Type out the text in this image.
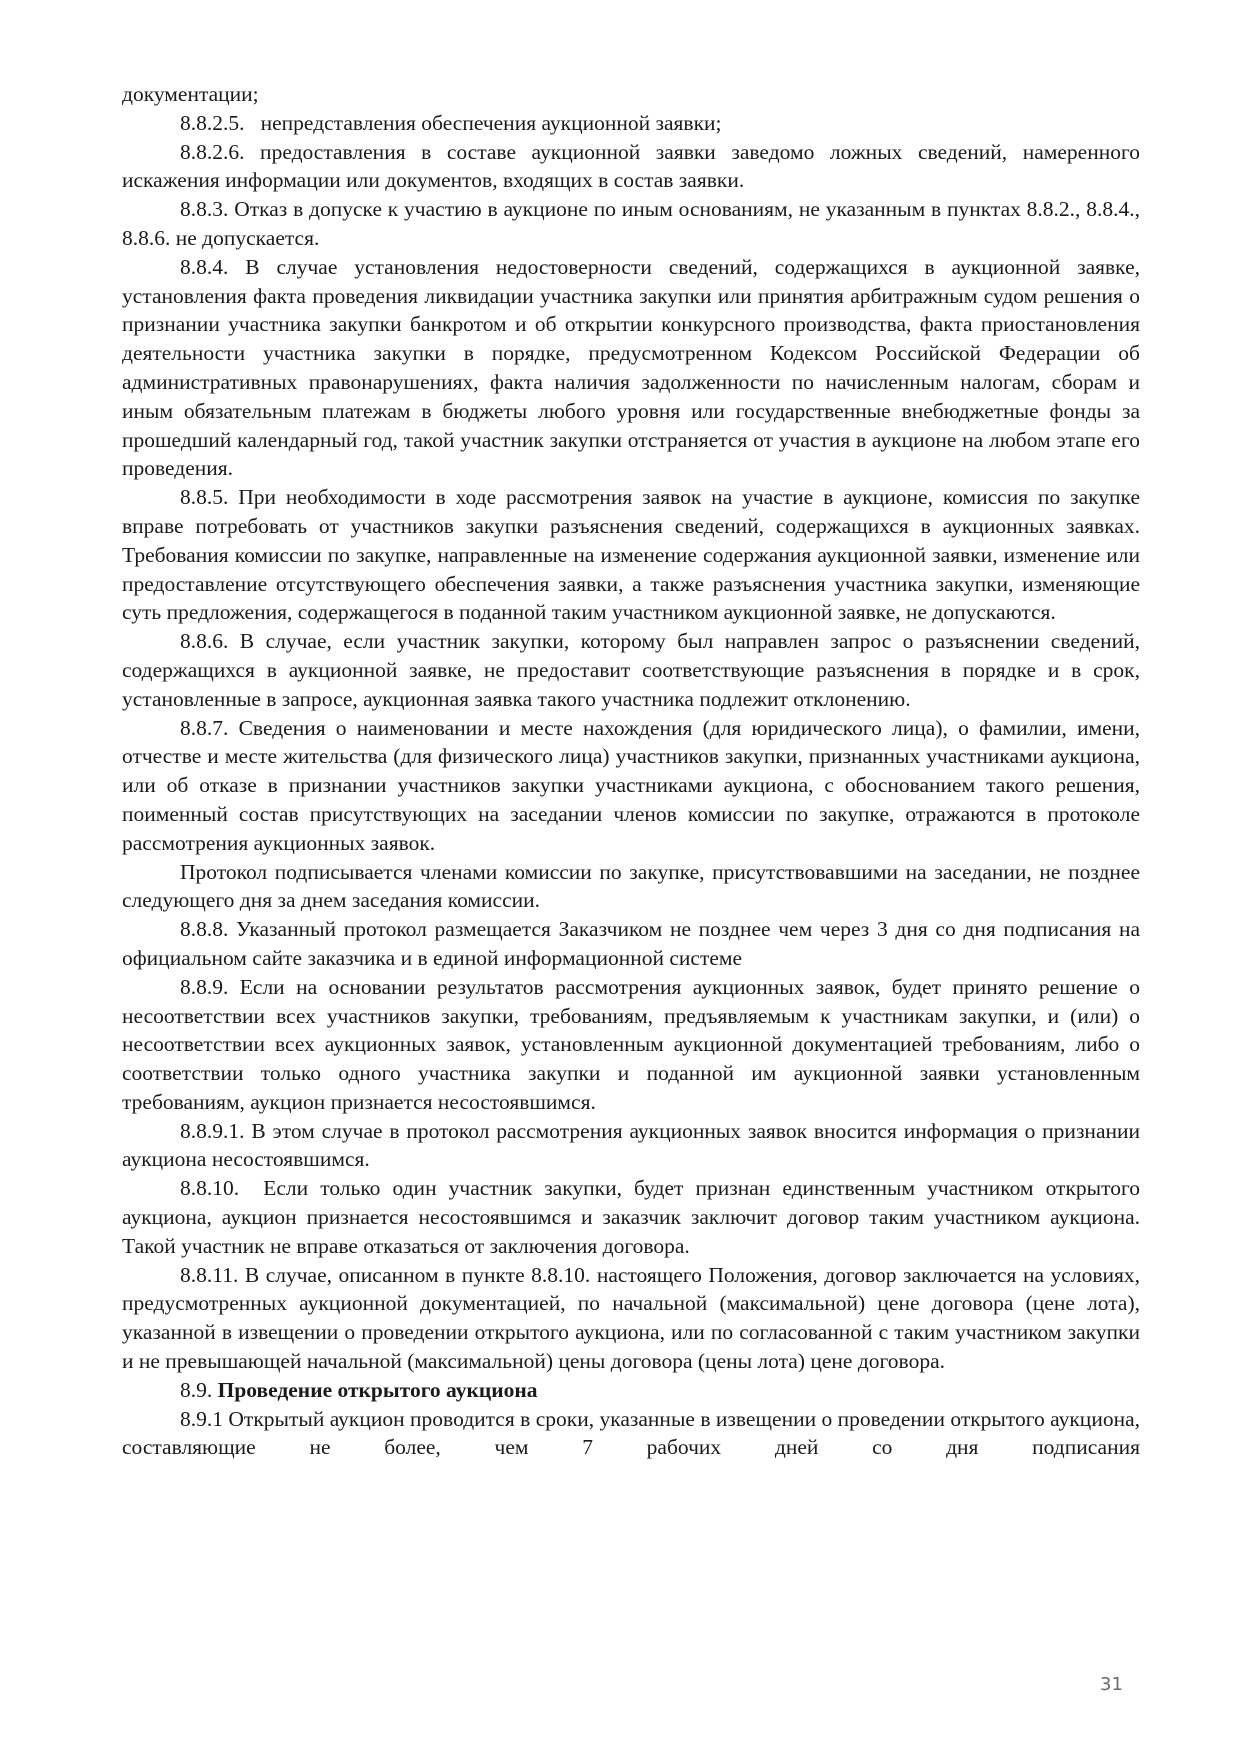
документации;

8.8.2.5.   непредставления обеспечения аукционной заявки;

8.8.2.6. предоставления в составе аукционной заявки заведомо ложных сведений, намеренного искажения информации или документов, входящих в состав заявки.

8.8.3. Отказ в допуске к участию в аукционе по иным основаниям, не указанным в пунктах 8.8.2., 8.8.4., 8.8.6. не допускается.

8.8.4. В случае установления недостоверности сведений, содержащихся в аукционной заявке, установления факта проведения ликвидации участника закупки или принятия арбитражным судом решения о признании участника закупки банкротом и об открытии конкурсного производства, факта приостановления деятельности участника закупки в порядке, предусмотренном Кодексом Российской Федерации об административных правонарушениях, факта наличия задолженности по начисленным налогам, сборам и иным обязательным платежам в бюджеты любого уровня или государственные внебюджетные фонды за прошедший календарный год, такой участник закупки отстраняется от участия в аукционе на любом этапе его проведения.

8.8.5. При необходимости в ходе рассмотрения заявок на участие в аукционе, комиссия по закупке вправе потребовать от участников закупки разъяснения сведений, содержащихся в аукционных заявках. Требования комиссии по закупке, направленные на изменение содержания аукционной заявки, изменение или предоставление отсутствующего обеспечения заявки, а также разъяснения участника закупки, изменяющие суть предложения, содержащегося в поданной таким участником аукционной заявке, не допускаются.

8.8.6. В случае, если участник закупки, которому был направлен запрос о разъяснении сведений, содержащихся в аукционной заявке, не предоставит соответствующие разъяснения в порядке и в срок, установленные в запросе, аукционная заявка такого участника подлежит отклонению.

8.8.7. Сведения о наименовании и месте нахождения (для юридического лица), о фамилии, имени, отчестве и месте жительства (для физического лица) участников закупки, признанных участниками аукциона, или об отказе в признании участников закупки участниками аукциона, с обоснованием такого решения, поименный состав присутствующих на заседании членов комиссии по закупке, отражаются в протоколе рассмотрения аукционных заявок.

Протокол подписывается членами комиссии по закупке, присутствовавшими на заседании, не позднее следующего дня за днем заседания комиссии.

8.8.8. Указанный протокол размещается Заказчиком не позднее чем через 3 дня со дня подписания на официальном сайте заказчика и в единой информационной системе

8.8.9. Если на основании результатов рассмотрения аукционных заявок, будет принято решение о несоответствии всех участников закупки, требованиям, предъявляемым к участникам закупки, и (или) о несоответствии всех аукционных заявок, установленным аукционной документацией требованиям, либо о соответствии только одного участника закупки и поданной им аукционной заявки установленным требованиям, аукцион признается несостоявшимся.

8.8.9.1. В этом случае в протокол рассмотрения аукционных заявок вносится информация о признании аукциона несостоявшимся.

8.8.10.  Если только один участник закупки, будет признан единственным участником открытого аукциона, аукцион признается несостоявшимся и заказчик заключит договор таким участником аукциона. Такой участник не вправе отказаться от заключения договора.

8.8.11. В случае, описанном в пункте 8.8.10. настоящего Положения, договор заключается на условиях, предусмотренных аукционной документацией, по начальной (максимальной) цене договора (цене лота), указанной в извещении о проведении открытого аукциона, или по согласованной с таким участником закупки и не превышающей начальной (максимальной) цены договора (цены лота) цене договора.

8.9. Проведение открытого аукциона

8.9.1 Открытый аукцион проводится в сроки, указанные в извещении о проведении открытого аукциона, составляющие не более, чем 7 рабочих дней со дня подписания

31
